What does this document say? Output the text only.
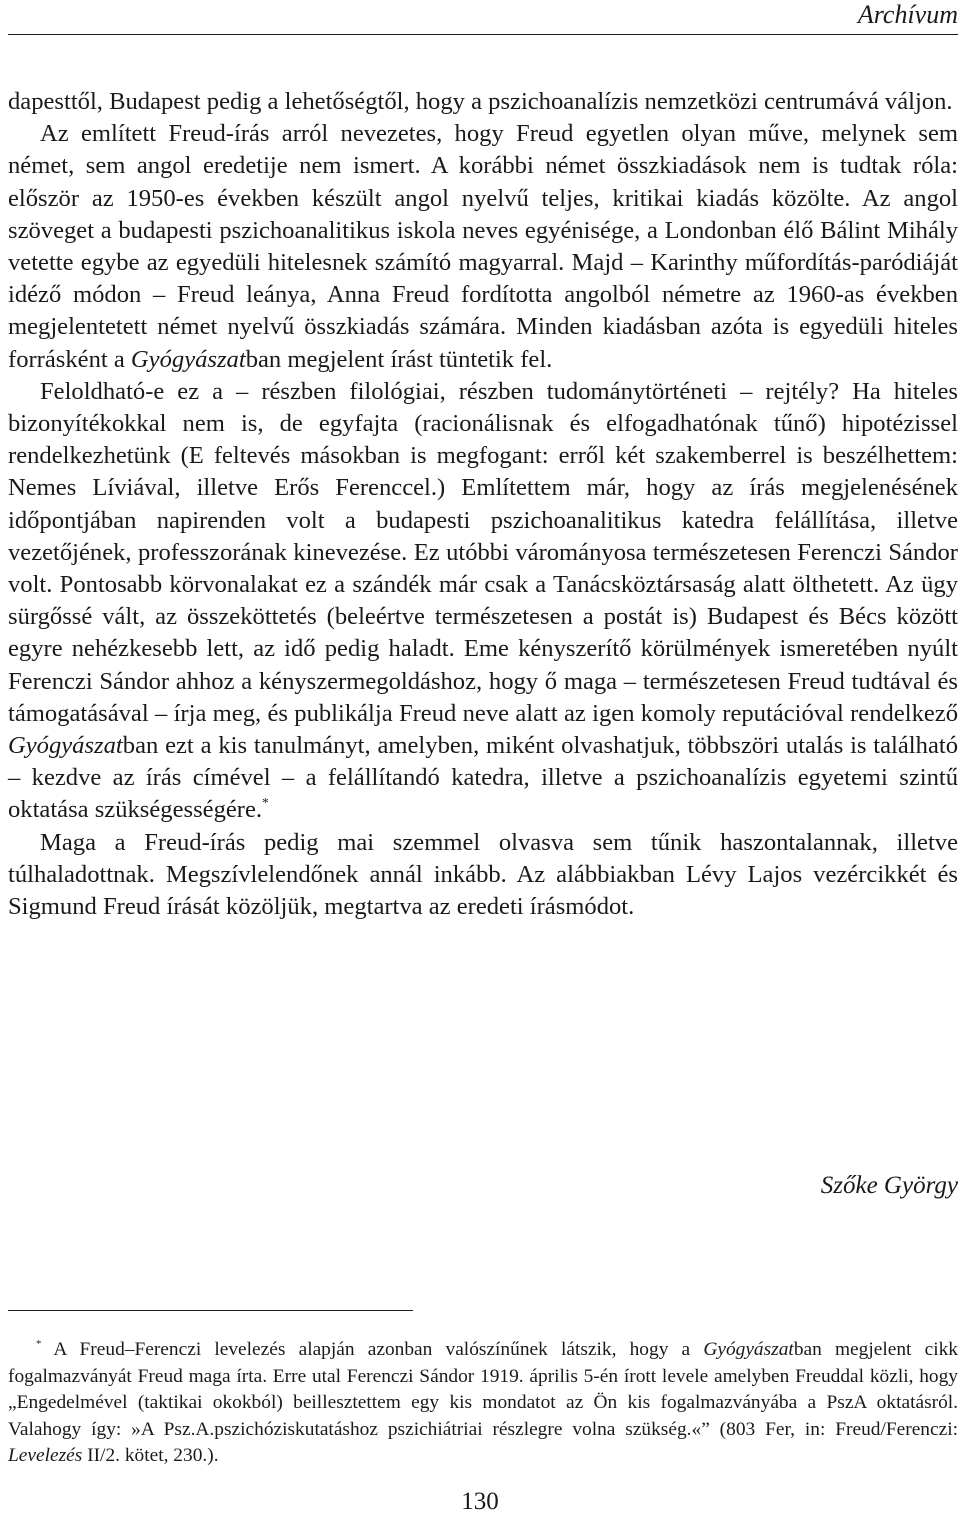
Archívum

dapesttől, Budapest pedig a lehetőségtől, hogy a pszichoanalízis nemzetközi centrumává váljon.

Az említett Freud-írás arról nevezetes, hogy Freud egyetlen olyan műve, melynek sem német, sem angol eredetije nem ismert. A korábbi német összkiadások nem is tudtak róla: először az 1950-es években készült angol nyelvű teljes, kritikai kiadás közölte. Az angol szöveget a budapesti pszichoanalitikus iskola neves egyénisége, a Londonban élő Bálint Mihály vetette egybe az egyedüli hitelesnek számító magyarral. Majd – Karinthy műfordítás-paródiáját idéző módon – Freud leánya, Anna Freud fordította angolból németre az 1960-as években megjelentetett német nyelvű összkiadás számára. Minden kiadásban azóta is egyedüli hiteles forrásként a Gyógyászatban megjelent írást tüntetik fel.

Feloldható-e ez a – részben filológiai, részben tudománytörténeti – rejtély? Ha hiteles bizonyítékokkal nem is, de egyfajta (racionálisnak és elfogadhatónak tűnő) hipotézissel rendelkezhetünk (E feltevés másokban is megfogant: erről két szakemberrel is beszélhettem: Nemes Líviával, illetve Erős Ferenccel.) Említettem már, hogy az írás megjelenésének időpontjában napirenden volt a budapesti pszichoanalitikus katedra felállítása, illetve vezetőjének, professzorának kinevezése. Ez utóbbi várományosa természetesen Ferenczi Sándor volt. Pontosabb körvonalakat ez a szándék már csak a Tanácsköztársaság alatt ölthetett. Az ügy sürgőssé vált, az összeköttetés (beleértve természetesen a postát is) Budapest és Bécs között egyre nehézkesebb lett, az idő pedig haladt. Eme kényszerítő körülmények ismeretében nyúlt Ferenczi Sándor ahhoz a kényszermegoldáshoz, hogy ő maga – természetesen Freud tudtával és támogatásával – írja meg, és publikálja Freud neve alatt az igen komoly reputációval rendelkező Gyógyászatban ezt a kis tanulmányt, amelyben, miként olvashatjuk, többszöri utalás is található – kezdve az írás címével – a felállítandó katedra, illetve a pszichoanalízis egyetemi szintű oktatása szükségességére.*

Maga a Freud-írás pedig mai szemmel olvasva sem tűnik haszontalannak, illetve túlhaladottnak. Megszívlelendőnek annál inkább. Az alábbiakban Lévy Lajos vezércikkét és Sigmund Freud írását közöljük, megtartva az eredeti írásmódot.

Szőke György

* A Freud–Ferenczi levelezés alapján azonban valószínűnek látszik, hogy a Gyógyászatban megjelent cikk fogalmazványát Freud maga írta. Erre utal Ferenczi Sándor 1919. április 5-én írott levele amelyben Freuddal közli, hogy „Engedelmével (taktikai okokból) beillesztettem egy kis mondatot az Ön kis fogalmazványába a PszA oktatásról. Valahogy így: »A Psz.A.pszichóziskutatáshoz pszichiátriai részlegre volna szükség.«” (803 Fer, in: Freud/Ferenczi: Levelezés II/2. kötet, 230.).

130
